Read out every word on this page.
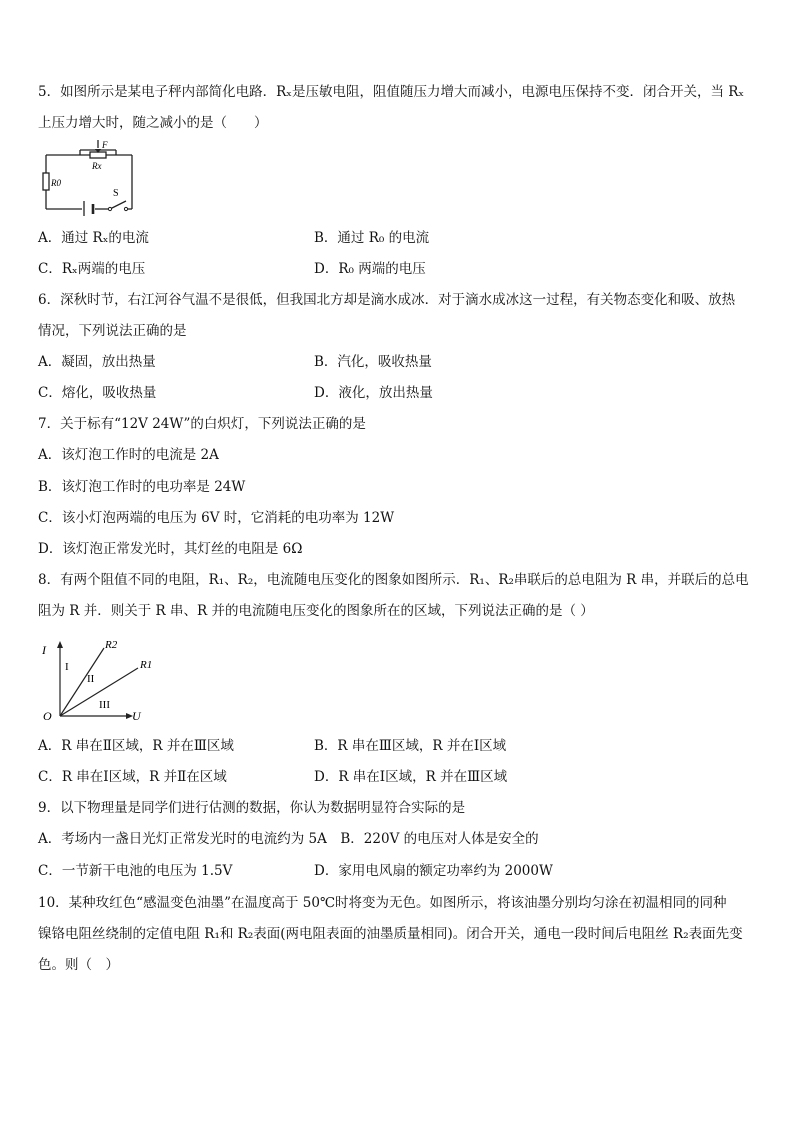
5．如图所示是某电子秤内部简化电路．Rₓ是压敏电阻，阻值随压力增大而减小，电源电压保持不变．闭合开关，当 Rₓ
上压力增大时，随之减小的是（　　）
F
Rx
R0
S
A．通过 Rₓ的电流	B．通过 R₀ 的电流
C．Rₓ两端的电压	D．R₀ 两端的电压
6．深秋时节，右江河谷气温不是很低，但我国北方却是滴水成冰．对于滴水成冰这一过程，有关物态变化和吸、放热
情况，下列说法正确的是
A．凝固，放出热量	B．汽化，吸收热量
C．熔化，吸收热量	D．液化，放出热量
7．关于标有“12V 24W”的白炽灯，下列说法正确的是
A．该灯泡工作时的电流是 2A
B．该灯泡工作时的电功率是 24W
C．该小灯泡两端的电压为 6V 时，它消耗的电功率为 12W
D．该灯泡正常发光时，其灯丝的电阻是 6Ω
8．有两个阻值不同的电阻，R₁、R₂，电流随电压变化的图象如图所示．R₁、R₂串联后的总电阻为 R 串，并联后的总电
阻为 R 并．则关于 R 串、R 并的电流随电压变化的图象所在的区域，下列说法正确的是（ ）
I
U
O
R2
R1
I
II
III
A．R 串在Ⅱ区域，R 并在Ⅲ区域	B．R 串在Ⅲ区域，R 并在Ⅰ区域
C．R 串在Ⅰ区域，R 并Ⅱ在区域	D．R 串在Ⅰ区域，R 并在Ⅲ区域
9．以下物理量是同学们进行估测的数据，你认为数据明显符合实际的是
A．考场内一盏日光灯正常发光时的电流约为 5A　B．220V 的电压对人体是安全的
C．一节新干电池的电压为 1.5V	D．家用电风扇的额定功率约为 2000W
10．某种玫红色“感温变色油墨”在温度高于 50℃时将变为无色。如图所示，将该油墨分别均匀涂在初温相同的同种
镍铬电阻丝绕制的定值电阻 R₁和 R₂表面(两电阻表面的油墨质量相同)。闭合开关，通电一段时间后电阻丝 R₂表面先变
色。则（　）
